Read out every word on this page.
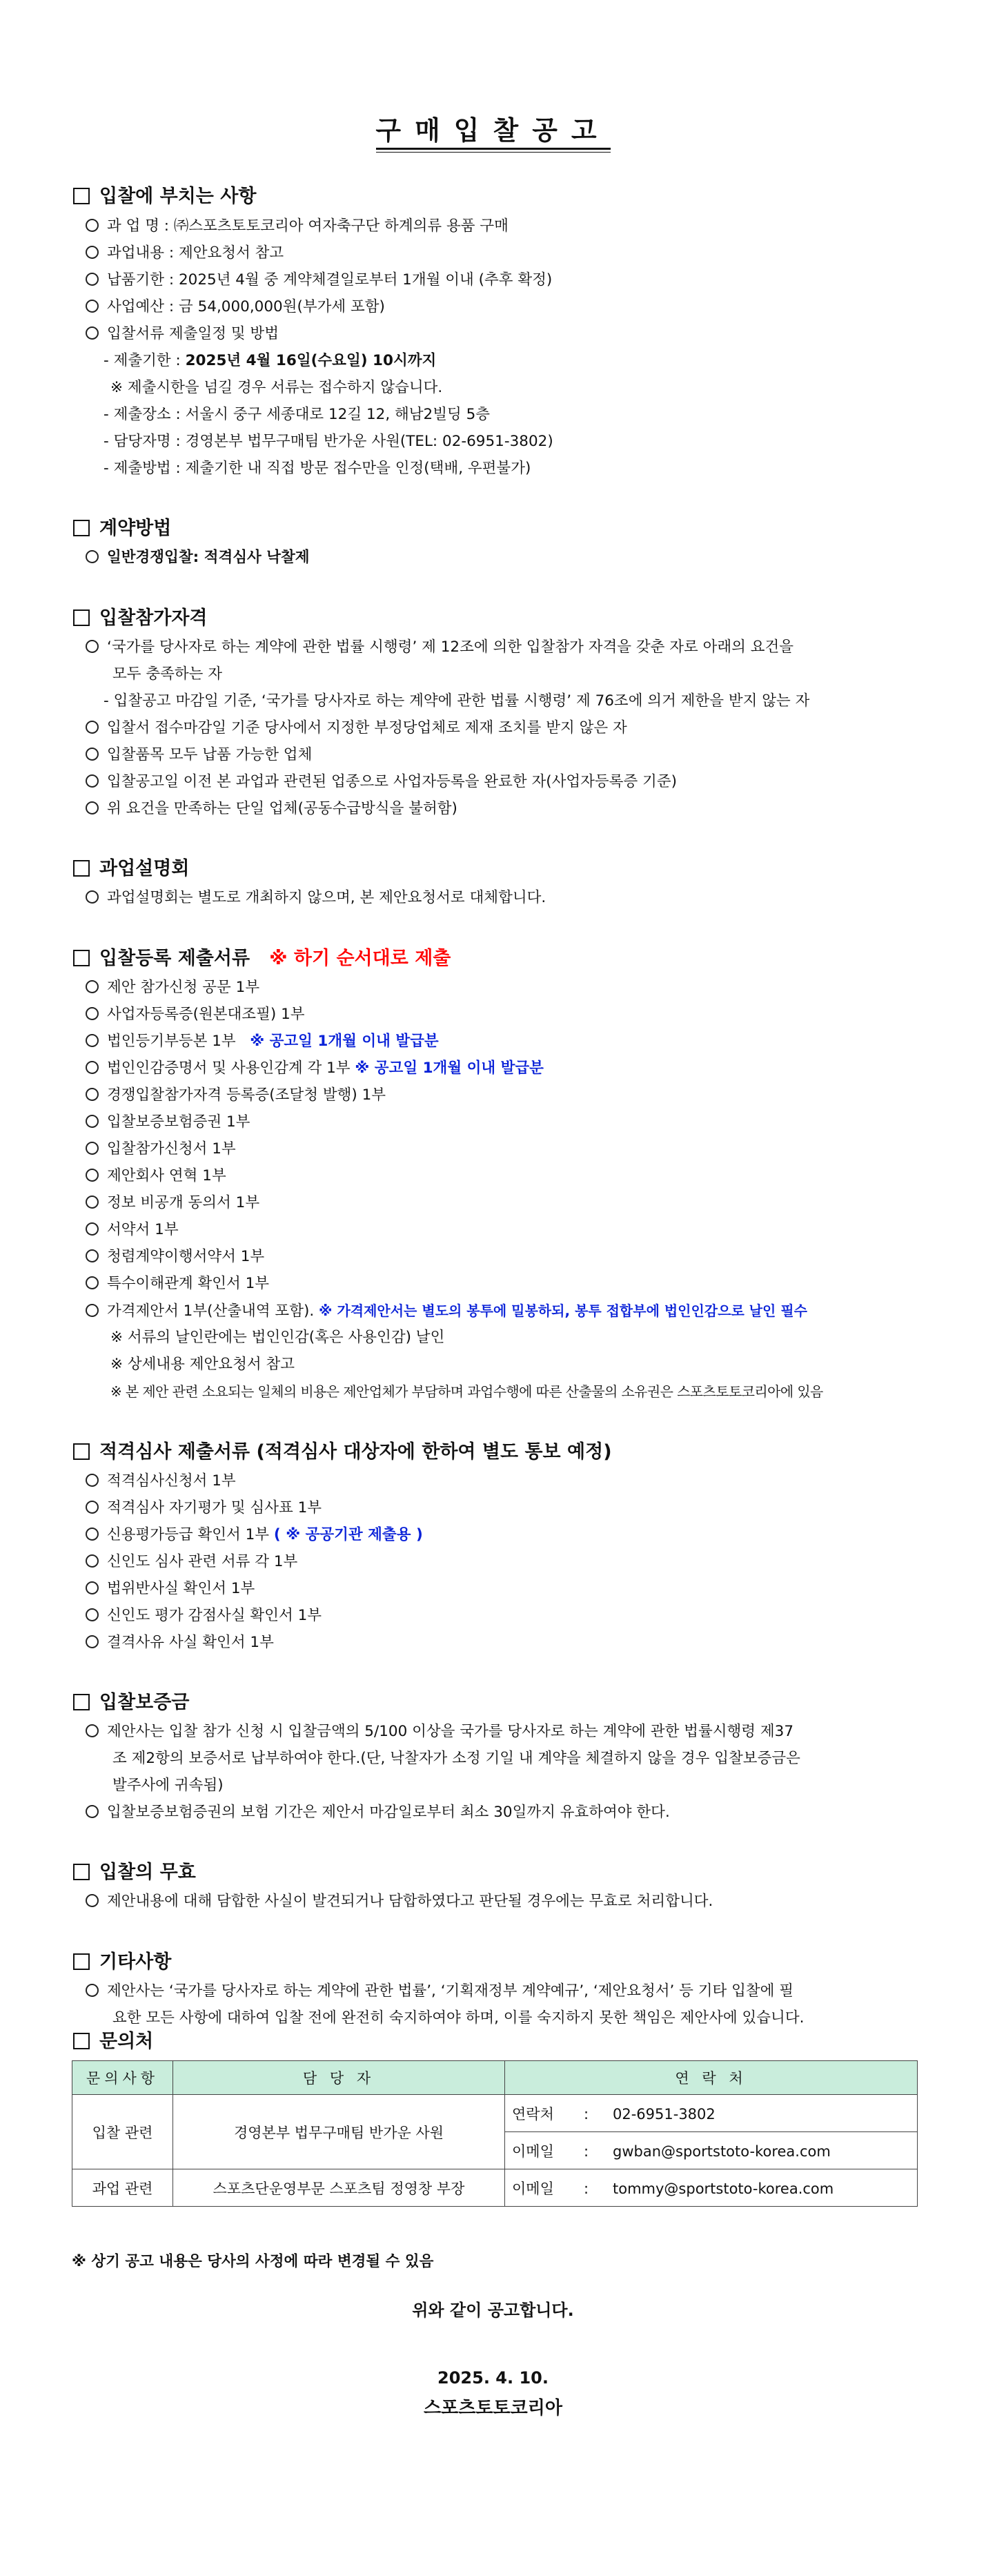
구매입찰공고
입찰에 부치는 사항
과 업 명 : ㈜스포츠토토코리아 여자축구단 하계의류 용품 구매
과업내용 : 제안요청서 참고
납품기한 : 2025년 4월 중 계약체결일로부터 1개월 이내 (추후 확정)
사업예산 : 금 54,000,000원(부가세 포함)
입찰서류 제출일정 및 방법
- 제출기한 : 2025년 4월 16일(수요일) 10시까지
※ 제출시한을 넘길 경우 서류는 접수하지 않습니다.
- 제출장소 : 서울시 중구 세종대로 12길 12, 해남2빌딩 5층
- 담당자명 : 경영본부 법무구매팀 반가운 사원(TEL: 02-6951-3802)
- 제출방법 : 제출기한 내 직접 방문 접수만을 인정(택배, 우편불가)
계약방법
일반경쟁입찰: 적격심사 낙찰제
입찰참가자격
‘국가를 당사자로 하는 계약에 관한 법률 시행령’ 제 12조에 의한 입찰참가 자격을 갖춘 자로 아래의 요건을
모두 충족하는 자
- 입찰공고 마감일 기준, ‘국가를 당사자로 하는 계약에 관한 법률 시행령’ 제 76조에 의거 제한을 받지 않는 자
입찰서 접수마감일 기준 당사에서 지정한 부정당업체로 제재 조치를 받지 않은 자
입찰품목 모두 납품 가능한 업체
입찰공고일 이전 본 과업과 관련된 업종으로 사업자등록을 완료한 자(사업자등록증 기준)
위 요건을 만족하는 단일 업체(공동수급방식을 불허함)
과업설명회
과업설명회는 별도로 개최하지 않으며, 본 제안요청서로 대체합니다.
입찰등록 제출서류 ※ 하기 순서대로 제출
제안 참가신청 공문 1부
사업자등록증(원본대조필) 1부
법인등기부등본 1부 ※ 공고일 1개월 이내 발급분
법인인감증명서 및 사용인감계 각 1부 ※ 공고일 1개월 이내 발급분
경쟁입찰참가자격 등록증(조달청 발행) 1부
입찰보증보험증권 1부
입찰참가신청서 1부
제안회사 연혁 1부
정보 비공개 동의서 1부
서약서 1부
청렴계약이행서약서 1부
특수이해관계 확인서 1부
가격제안서 1부(산출내역 포함). ※ 가격제안서는 별도의 봉투에 밀봉하되, 봉투 접합부에 법인인감으로 날인 필수
※ 서류의 날인란에는 법인인감(혹은 사용인감) 날인
※ 상세내용 제안요청서 참고
※ 본 제안 관련 소요되는 일체의 비용은 제안업체가 부담하며 과업수행에 따른 산출물의 소유권은 스포츠토토코리아에 있음
적격심사 제출서류 (적격심사 대상자에 한하여 별도 통보 예정)
적격심사신청서 1부
적격심사 자기평가 및 심사표 1부
신용평가등급 확인서 1부 ( ※ 공공기관 제출용 )
신인도 심사 관련 서류 각 1부
법위반사실 확인서 1부
신인도 평가 감점사실 확인서 1부
결격사유 사실 확인서 1부
입찰보증금
제안사는 입찰 참가 신청 시 입찰금액의 5/100 이상을 국가를 당사자로 하는 계약에 관한 법률시행령 제37
조 제2항의 보증서로 납부하여야 한다.(단, 낙찰자가 소정 기일 내 계약을 체결하지 않을 경우 입찰보증금은
발주사에 귀속됨)
입찰보증보험증권의 보험 기간은 제안서 마감일로부터 최소 30일까지 유효하여야 한다.
입찰의 무효
제안내용에 대해 담합한 사실이 발견되거나 담합하였다고 판단될 경우에는 무효로 처리합니다.
기타사항
제안사는 ‘국가를 당사자로 하는 계약에 관한 법률’, ‘기획재정부 계약예규’, ‘제안요청서’ 등 기타 입찰에 필
요한 모든 사항에 대하여 입찰 전에 완전히 숙지하여야 하며, 이를 숙지하지 못한 책임은 제안사에 있습니다.
문의처
문의사항	담 당 자	연 락 처
입찰 관련	경영본부 법무구매팀 반가운 사원	연락처 : 02-6951-3802
		이메일 : gwban@sportstoto-korea.com
과업 관련	스포츠단운영부문 스포츠팀 정영창 부장	이메일 : tommy@sportstoto-korea.com
※ 상기 공고 내용은 당사의 사정에 따라 변경될 수 있음
위와 같이 공고합니다.
2025. 4. 10.
스포츠토토코리아
